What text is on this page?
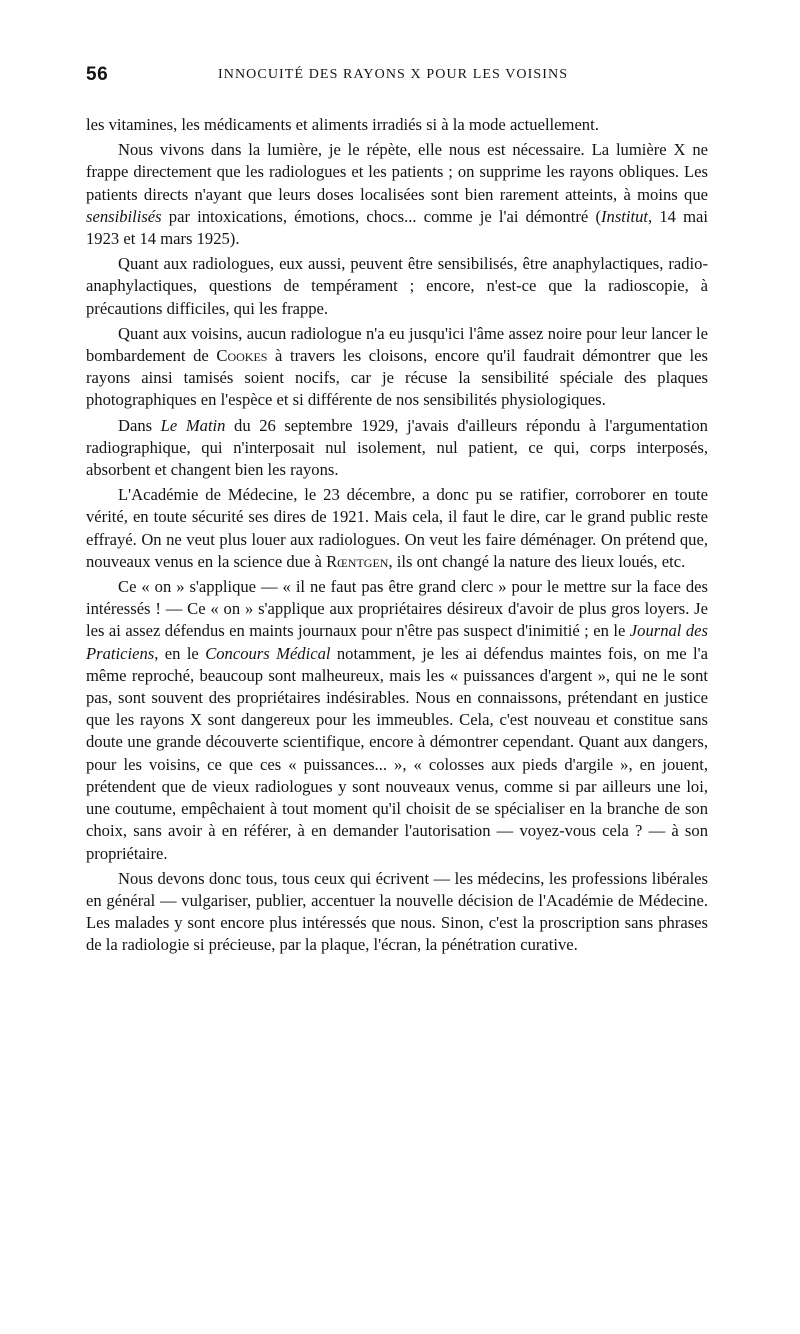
56	INNOCUITÉ DES RAYONS X POUR LES VOISINS

les vitamines, les médicaments et aliments irradiés si à la mode actuellement.

Nous vivons dans la lumière, je le répète, elle nous est nécessaire. La lumière X ne frappe directement que les radiologues et les patients ; on supprime les rayons obliques. Les patients directs n'ayant que leurs doses localisées sont bien rarement atteints, à moins que sensibilisés par intoxications, émotions, chocs... comme je l'ai démontré (Institut, 14 mai 1923 et 14 mars 1925).

Quant aux radiologues, eux aussi, peuvent être sensibilisés, être anaphylactiques, radio-anaphylactiques, questions de tempérament ; encore, n'est-ce que la radioscopie, à précautions difficiles, qui les frappe.

Quant aux voisins, aucun radiologue n'a eu jusqu'ici l'âme assez noire pour leur lancer le bombardement de Cookes à travers les cloisons, encore qu'il faudrait démontrer que les rayons ainsi tamisés soient nocifs, car je récuse la sensibilité spéciale des plaques photographiques en l'espèce et si différente de nos sensibilités physiologiques.

Dans Le Matin du 26 septembre 1929, j'avais d'ailleurs répondu à l'argumentation radiographique, qui n'interposait nul isolement, nul patient, ce qui, corps interposés, absorbent et changent bien les rayons.

L'Académie de Médecine, le 23 décembre, a donc pu se ratifier, corroborer en toute vérité, en toute sécurité ses dires de 1921. Mais cela, il faut le dire, car le grand public reste effrayé. On ne veut plus louer aux radiologues. On veut les faire déménager. On prétend que, nouveaux venus en la science due à Rœntgen, ils ont changé la nature des lieux loués, etc.

Ce « on » s'applique — « il ne faut pas être grand clerc » pour le mettre sur la face des intéressés ! — Ce « on » s'applique aux propriétaires désireux d'avoir de plus gros loyers. Je les ai assez défendus en maints journaux pour n'être pas suspect d'inimitié ; en le Journal des Praticiens, en le Concours Médical notamment, je les ai défendus maintes fois, on me l'a même reproché, beaucoup sont malheureux, mais les « puissances d'argent », qui ne le sont pas, sont souvent des propriétaires indésirables. Nous en connaissons, prétendant en justice que les rayons X sont dangereux pour les immeubles. Cela, c'est nouveau et constitue sans doute une grande découverte scientifique, encore à démontrer cependant. Quant aux dangers, pour les voisins, ce que ces « puissances... », « colosses aux pieds d'argile », en jouent, prétendent que de vieux radiologues y sont nouveaux venus, comme si par ailleurs une loi, une coutume, empêchaient à tout moment qu'il choisit de se spécialiser en la branche de son choix, sans avoir à en référer, à en demander l'autorisation — voyez-vous cela ? — à son propriétaire.

Nous devons donc tous, tous ceux qui écrivent — les médecins, les professions libérales en général — vulgariser, publier, accentuer la nouvelle décision de l'Académie de Médecine. Les malades y sont encore plus intéressés que nous. Sinon, c'est la proscription sans phrases de la radiologie si précieuse, par la plaque, l'écran, la pénétration curative.
